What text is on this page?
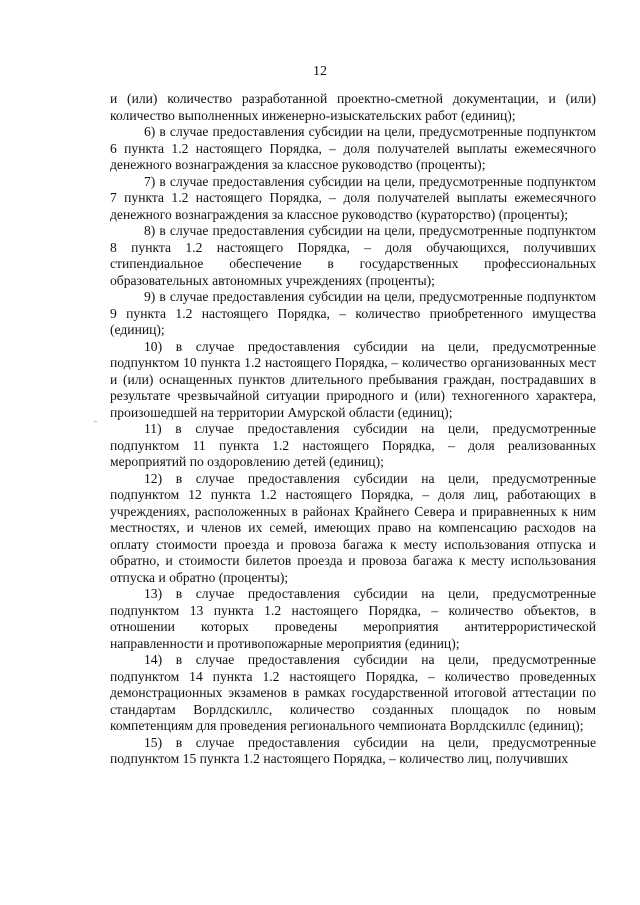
12

и (или) количество разработанной проектно-сметной документации, и (или) количество выполненных инженерно-изыскательских работ (единиц);

6) в случае предоставления субсидии на цели, предусмотренные подпунктом 6 пункта 1.2 настоящего Порядка, – доля получателей выплаты ежемесячного денежного вознаграждения за классное руководство (проценты);

7) в случае предоставления субсидии на цели, предусмотренные подпунктом 7 пункта 1.2 настоящего Порядка, – доля получателей выплаты ежемесячного денежного вознаграждения за классное руководство (кураторство) (проценты);

8) в случае предоставления субсидии на цели, предусмотренные подпунктом 8 пункта 1.2 настоящего Порядка, – доля обучающихся, получивших стипендиальное обеспечение в государственных профессиональных образовательных автономных учреждениях (проценты);

9) в случае предоставления субсидии на цели, предусмотренные подпунктом 9 пункта 1.2 настоящего Порядка, – количество приобретенного имущества (единиц);

10) в случае предоставления субсидии на цели, предусмотренные подпунктом 10 пункта 1.2 настоящего Порядка, – количество организованных мест и (или) оснащенных пунктов длительного пребывания граждан, пострадавших в результате чрезвычайной ситуации природного и (или) техногенного характера, произошедшей на территории Амурской области (единиц);

11) в случае предоставления субсидии на цели, предусмотренные подпунктом 11 пункта 1.2 настоящего Порядка, – доля реализованных мероприятий по оздоровлению детей (единиц);

12) в случае предоставления субсидии на цели, предусмотренные подпунктом 12 пункта 1.2 настоящего Порядка, – доля лиц, работающих в учреждениях, расположенных в районах Крайнего Севера и приравненных к ним местностях, и членов их семей, имеющих право на компенсацию расходов на оплату стоимости проезда и провоза багажа к месту использования отпуска и обратно, и стоимости билетов проезда и провоза багажа к месту использования отпуска и обратно (проценты);

13) в случае предоставления субсидии на цели, предусмотренные подпунктом 13 пункта 1.2 настоящего Порядка, – количество объектов, в отношении которых проведены мероприятия антитеррористической направленности и противопожарные мероприятия (единиц);

14) в случае предоставления субсидии на цели, предусмотренные подпунктом 14 пункта 1.2 настоящего Порядка, – количество проведенных демонстрационных экзаменов в рамках государственной итоговой аттестации по стандартам Ворлдскиллс, количество созданных площадок по новым компетенциям для проведения регионального чемпионата Ворлдскиллс (единиц);

15) в случае предоставления субсидии на цели, предусмотренные подпунктом 15 пункта 1.2 настоящего Порядка, – количество лиц, получивших
